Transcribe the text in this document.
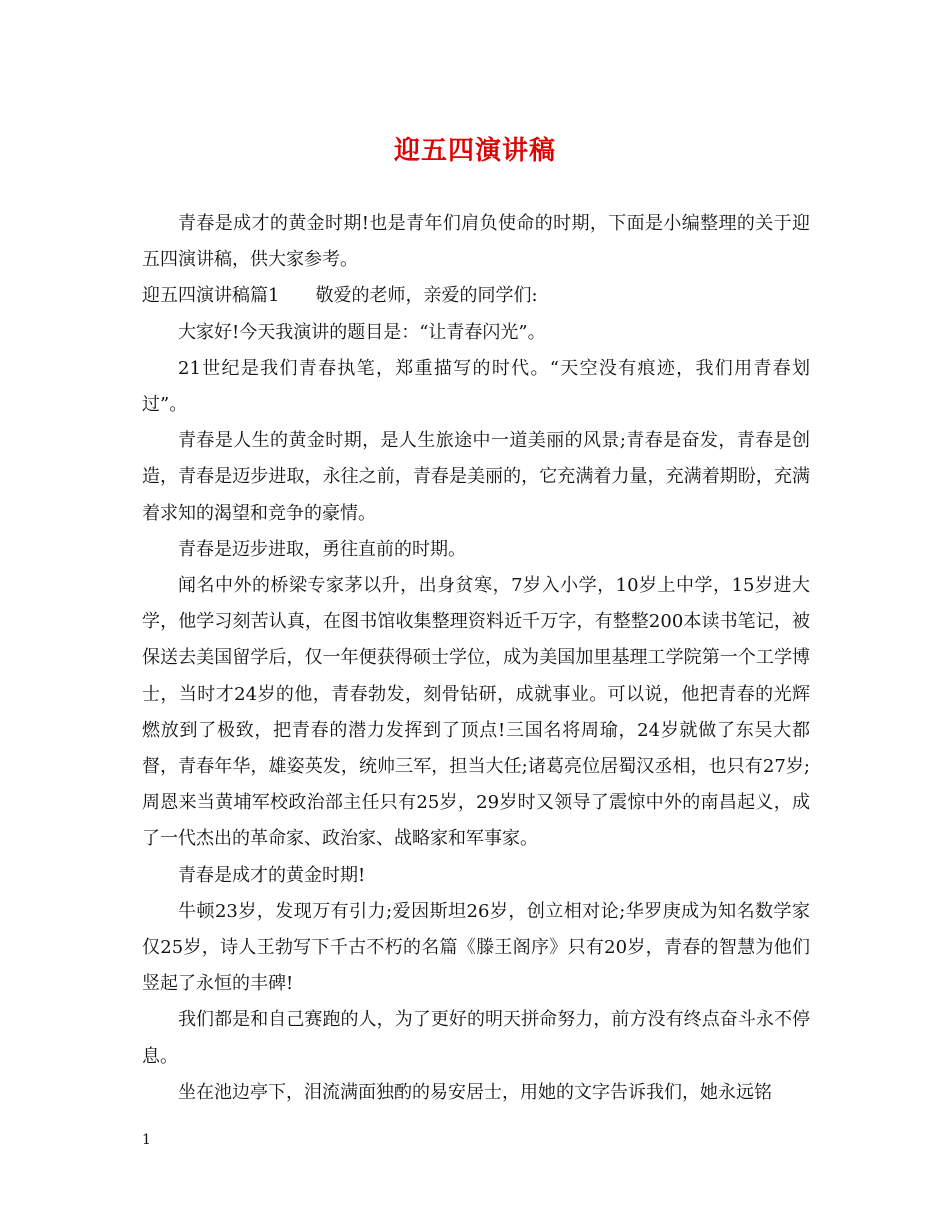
迎五四演讲稿

青春是成才的黄金时期!也是青年们肩负使命的时期，下面是小编整理的关于迎五四演讲稿，供大家参考。

迎五四演讲稿篇1 敬爱的老师，亲爱的同学们:

大家好!今天我演讲的题目是：“让青春闪光”。

21世纪是我们青春执笔，郑重描写的时代。“天空没有痕迹，我们用青春划过”。

青春是人生的黄金时期，是人生旅途中一道美丽的风景;青春是奋发，青春是创造，青春是迈步进取，永往之前，青春是美丽的，它充满着力量，充满着期盼，充满着求知的渴望和竞争的豪情。

青春是迈步进取，勇往直前的时期。

闻名中外的桥梁专家茅以升，出身贫寒，7岁入小学，10岁上中学，15岁进大学，他学习刻苦认真，在图书馆收集整理资料近千万字，有整整200本读书笔记，被保送去美国留学后，仅一年便获得硕士学位，成为美国加里基理工学院第一个工学博士，当时才24岁的他，青春勃发，刻骨钻研，成就事业。可以说，他把青春的光辉燃放到了极致，把青春的潜力发挥到了顶点!三国名将周瑜，24岁就做了东吴大都督，青春年华，雄姿英发，统帅三军，担当大任;诸葛亮位居蜀汉丞相，也只有27岁;周恩来当黄埔军校政治部主任只有25岁，29岁时又领导了震惊中外的南昌起义，成了一代杰出的革命家、政治家、战略家和军事家。

青春是成才的黄金时期!

牛顿23岁，发现万有引力;爱因斯坦26岁，创立相对论;华罗庚成为知名数学家仅25岁，诗人王勃写下千古不朽的名篇《滕王阁序》只有20岁，青春的智慧为他们竖起了永恒的丰碑!

我们都是和自己赛跑的人，为了更好的明天拼命努力，前方没有终点奋斗永不停息。

坐在池边亭下，泪流满面独酌的易安居士，用她的文字告诉我们，她永远铭

1
